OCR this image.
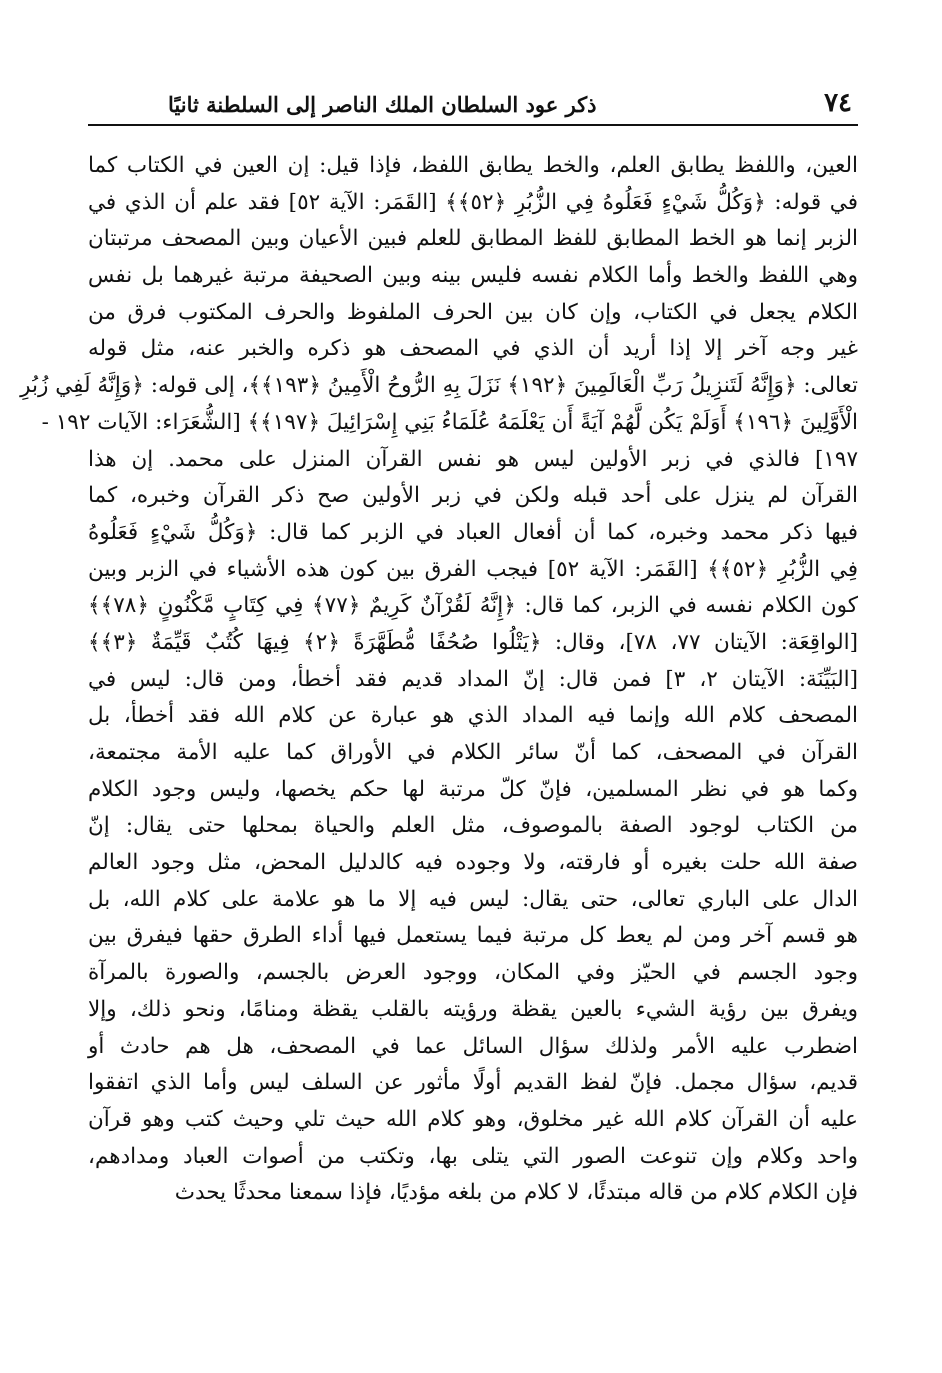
٧٤
ذكر عود السلطان الملك الناصر إلى السلطنة ثانيًا
العين، واللفظ يطابق العلم، والخط يطابق اللفظ، فإذا قيل: إن العين في الكتاب كما
في قوله: ﴿وَكُلُّ شَيْءٍ فَعَلُوهُ فِي الزُّبُرِ ﴿٥٢﴾﴾ [القَمَر: الآية ٥٢] فقد علم أن الذي في
الزبر إنما هو الخط المطابق للفظ المطابق للعلم فبين الأعيان وبين المصحف مرتبتان
وهي اللفظ والخط وأما الكلام نفسه فليس بينه وبين الصحيفة مرتبة غيرهما بل نفس
الكلام يجعل في الكتاب، وإن كان بين الحرف الملفوظ والحرف المكتوب فرق من
غير وجه آخر إلا إذا أريد أن الذي في المصحف هو ذكره والخبر عنه، مثل قوله
تعالى: ﴿وَإِنَّهُ لَتَنزِيلُ رَبِّ الْعَالَمِينَ ﴿١٩٢﴾ نَزَلَ بِهِ الرُّوحُ الْأَمِينُ ﴿١٩٣﴾﴾، إلى قوله: ﴿وَإِنَّهُ لَفِي زُبُرِ
الْأَوَّلِينَ ﴿١٩٦﴾ أَوَلَمْ يَكُن لَّهُمْ آيَةً أَن يَعْلَمَهُ عُلَمَاءُ بَنِي إِسْرَائِيلَ ﴿١٩٧﴾﴾ [الشُّعَرَاء: الآيات ١٩٢ -
١٩٧] فالذي في زبر الأولين ليس هو نفس القرآن المنزل على محمد. إن هذا
القرآن لم ينزل على أحد قبله ولكن في زبر الأولين صح ذكر القرآن وخبره، كما
فيها ذكر محمد وخبره، كما أن أفعال العباد في الزبر كما قال: ﴿وَكُلُّ شَيْءٍ فَعَلُوهُ
فِي الزُّبُرِ ﴿٥٢﴾﴾ [القَمَر: الآية ٥٢] فيجب الفرق بين كون هذه الأشياء في الزبر وبين
كون الكلام نفسه في الزبر، كما قال: ﴿إِنَّهُ لَقُرْآنٌ كَرِيمٌ ﴿٧٧﴾ فِي كِتَابٍ مَّكْنُونٍ ﴿٧٨﴾﴾
[الواقِعَة: الآيتان ٧٧، ٧٨]، وقال: ﴿يَتْلُوا صُحُفًا مُّطَهَّرَةً ﴿٢﴾ فِيهَا كُتُبٌ قَيِّمَةٌ ﴿٣﴾﴾
[البَيِّنَة: الآيتان ٢، ٣] فمن قال: إنّ المداد قديم فقد أخطأ، ومن قال: ليس في
المصحف كلام الله وإنما فيه المداد الذي هو عبارة عن كلام الله فقد أخطأ، بل
القرآن في المصحف، كما أنّ سائر الكلام في الأوراق كما عليه الأمة مجتمعة،
وكما هو في نظر المسلمين، فإنّ كلّ مرتبة لها حكم يخصها، وليس وجود الكلام
من الكتاب لوجود الصفة بالموصوف، مثل العلم والحياة بمحلها حتى يقال: إنّ
صفة الله حلت بغيره أو فارقته، ولا وجوده فيه كالدليل المحض، مثل وجود العالم
الدال على الباري تعالى، حتى يقال: ليس فيه إلا ما هو علامة على كلام الله، بل
هو قسم آخر ومن لم يعط كل مرتبة فيما يستعمل فيها أداء الطرق حقها فيفرق بين
وجود الجسم في الحيّز وفي المكان، ووجود العرض بالجسم، والصورة بالمرآة
ويفرق بين رؤية الشيء بالعين يقظة ورؤيته بالقلب يقظة ومنامًا، ونحو ذلك، وإلا
اضطرب عليه الأمر ولذلك سؤال السائل عما في المصحف، هل هم حادث أو
قديم، سؤال مجمل. فإنّ لفظ القديم أولًا مأثور عن السلف ليس وأما الذي اتفقوا
عليه أن القرآن كلام الله غير مخلوق، وهو كلام الله حيث تلي وحيث كتب وهو قرآن
واحد وكلام وإن تنوعت الصور التي يتلى بها، وتكتب من أصوات العباد ومدادهم،
فإن الكلام كلام من قاله مبتدئًا، لا كلام من بلغه مؤديًا، فإذا سمعنا محدثًا يحدث
